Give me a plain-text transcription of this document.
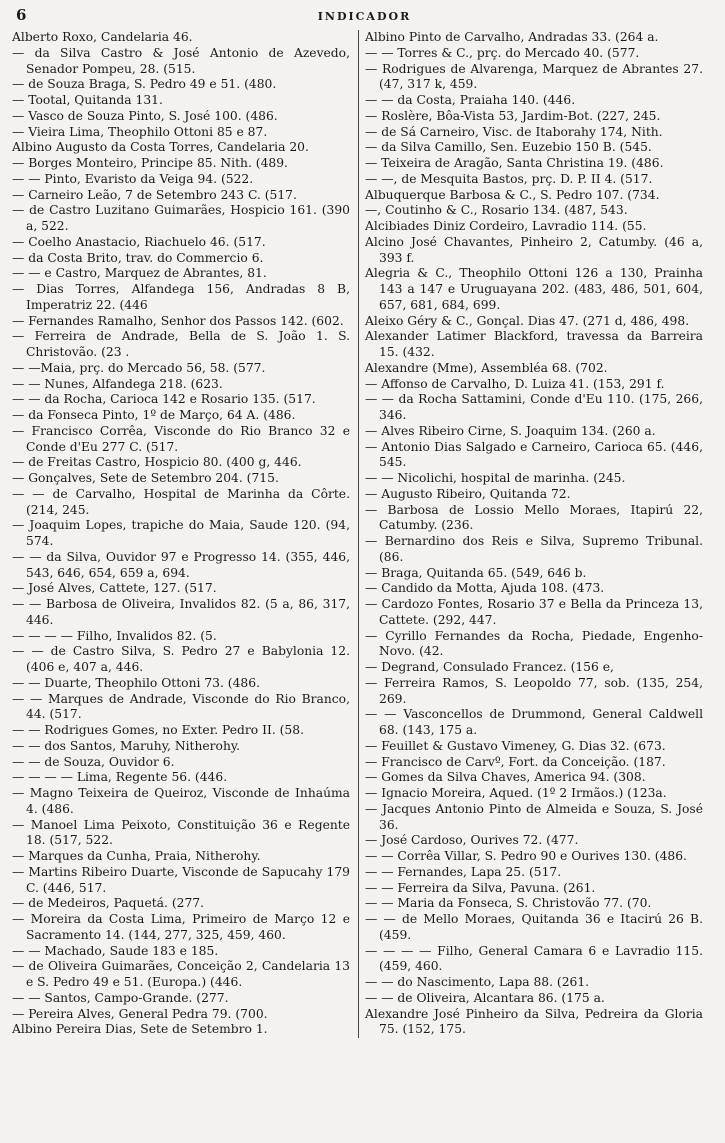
6	INDICADOR
Alberto Roxo, Candelaria 46.
— da Silva Castro & José Antonio de Azevedo, Senador Pompeu, 28. (515.
— de Souza Braga, S. Pedro 49 e 51. (480.
— Tootal, Quitanda 131.
— Vasco de Souza Pinto, S. José 100. (486.
— Vieira Lima, Theophilo Ottoni 85 e 87.
Albino Augusto da Costa Torres, Candelaria 20.
— Borges Monteiro, Principe 85. Nith. (489.
— — Pinto, Evaristo da Veiga 94. (522.
— Carneiro Leão, 7 de Setembro 243 C. (517.
— de Castro Luzitano Guimarães, Hospicio 161. (390 a, 522.
— Coelho Anastacio, Riachuelo 46. (517.
— da Costa Brito, trav. do Commercio 6.
— — e Castro, Marquez de Abrantes, 81.
— Dias Torres, Alfandega 156, Andradas 8 B, Imperatriz 22. (446
— Fernandes Ramalho, Senhor dos Passos 142. (602.
— Ferreira de Andrade, Bella de S. João 1. S. Christovão. (23 .
— —Maia, prç. do Mercado 56, 58. (577.
— — Nunes, Alfandega 218. (623.
— — da Rocha, Carioca 142 e Rosario 135. (517.
— da Fonseca Pinto, 1º de Março, 64 A. (486.
— Francisco Corrêa, Visconde do Rio Branco 32 e Conde d'Eu 277 C. (517.
— de Freitas Castro, Hospicio 80. (400 g, 446.
— Gonçalves, Sete de Setembro 204. (715.
— — de Carvalho, Hospital de Marinha da Côrte. (214, 245.
— Joaquim Lopes, trapiche do Maia, Saude 120. (94, 574.
— — da Silva, Ouvidor 97 e Progresso 14. (355, 446, 543, 646, 654, 659 a, 694.
— José Alves, Cattete, 127. (517.
— — Barbosa de Oliveira, Invalidos 82. (5 a, 86, 317, 446.
— — — — Filho, Invalidos 82. (5.
— — de Castro Silva, S. Pedro 27 e Babylonia 12. (406 e, 407 a, 446.
— — Duarte, Theophilo Ottoni 73. (486.
— — Marques de Andrade, Visconde do Rio Branco, 44. (517.
— — Rodrigues Gomes, no Exter. Pedro II. (58.
— — dos Santos, Maruhy, Nitherohy.
— — de Souza, Ouvidor 6.
— — — — Lima, Regente 56. (446.
— Magno Teixeira de Queiroz, Visconde de Inhaúma 4. (486.
— Manoel Lima Peixoto, Constituição 36 e Regente 18. (517, 522.
— Marques da Cunha, Praia, Nitherohy.
— Martins Ribeiro Duarte, Visconde de Sapucahy 179 C. (446, 517.
— de Medeiros, Paquetá. (277.
— Moreira da Costa Lima, Primeiro de Março 12 e Sacramento 14. (144, 277, 325, 459, 460.
— — Machado, Saude 183 e 185.
— de Oliveira Guimarães, Conceição 2, Candelaria 13 e S. Pedro 49 e 51. (Europa.) (446.
— — Santos, Campo-Grande. (277.
— Pereira Alves, General Pedra 79. (700.
Albino Pereira Dias, Sete de Setembro 1.
Albino Pinto de Carvalho, Andradas 33. (264 a.
— — Torres & C., prç. do Mercado 40. (577.
— Rodrigues de Alvarenga, Marquez de Abrantes 27. (47, 317 k, 459.
— — da Costa, Praiaha 140. (446.
— Roslère, Bôa-Vista 53, Jardim-Bot. (227, 245.
— de Sá Carneiro, Visc. de Itaborahy 174, Nith.
— da Silva Camillo, Sen. Euzebio 150 B. (545.
— Teixeira de Aragão, Santa Christina 19. (486.
— —, de Mesquita Bastos, prç. D. P. II 4. (517.
Albuquerque Barbosa & C., S. Pedro 107. (734.
—, Coutinho & C., Rosario 134. (487, 543.
Alcibiades Diniz Cordeiro, Lavradio 114. (55.
Alcino José Chavantes, Pinheiro 2, Catumby. (46 a, 393 f.
Alegria & C., Theophilo Ottoni 126 a 130, Prainha 143 a 147 e Uruguayana 202. (483, 486, 501, 604, 657, 681, 684, 699.
Aleixo Géry & C., Gonçal. Dias 47. (271 d, 486, 498.
Alexander Latimer Blackford, travessa da Barreira 15. (432.
Alexandre (Mme), Assembléa 68. (702.
— Affonso de Carvalho, D. Luiza 41. (153, 291 f.
— — da Rocha Sattamini, Conde d'Eu 110. (175, 266, 346.
— Alves Ribeiro Cirne, S. Joaquim 134. (260 a.
— Antonio Dias Salgado e Carneiro, Carioca 65. (446, 545.
— — Nicolichi, hospital de marinha. (245.
— Augusto Ribeiro, Quitanda 72.
— Barbosa de Lossio Mello Moraes, Itapirú 22, Catumby. (236.
— Bernardino dos Reis e Silva, Supremo Tribunal. (86.
— Braga, Quitanda 65. (549, 646 b.
— Candido da Motta, Ajuda 108. (473.
— Cardozo Fontes, Rosario 37 e Bella da Princeza 13, Cattete. (292, 447.
— Cyrillo Fernandes da Rocha, Piedade, Engenho-Novo. (42.
— Degrand, Consulado Francez. (156 e,
— Ferreira Ramos, S. Leopoldo 77, sob. (135, 254, 269.
— — Vasconcellos de Drummond, General Caldwell 68. (143, 175 a.
— Feuillet & Gustavo Vimeney, G. Dias 32. (673.
— Francisco de Carvº, Fort. da Conceição. (187.
— Gomes da Silva Chaves, America 94. (308.
— Ignacio Moreira, Aqued. (1º 2 Irmãos.) (123a.
— Jacques Antonio Pinto de Almeida e Souza, S. José 36.
— José Cardoso, Ourives 72. (477.
— — Corrêa Villar, S. Pedro 90 e Ourives 130. (486.
— — Fernandes, Lapa 25. (517.
— — Ferreira da Silva, Pavuna. (261.
— — Maria da Fonseca, S. Christovão 77. (70.
— — de Mello Moraes, Quitanda 36 e Itacirú 26 B. (459.
— — — — Filho, General Camara 6 e Lavradio 115. (459, 460.
— — do Nascimento, Lapa 88. (261.
— — de Oliveira, Alcantara 86. (175 a.
Alexandre José Pinheiro da Silva, Pedreira da Gloria 75. (152, 175.
